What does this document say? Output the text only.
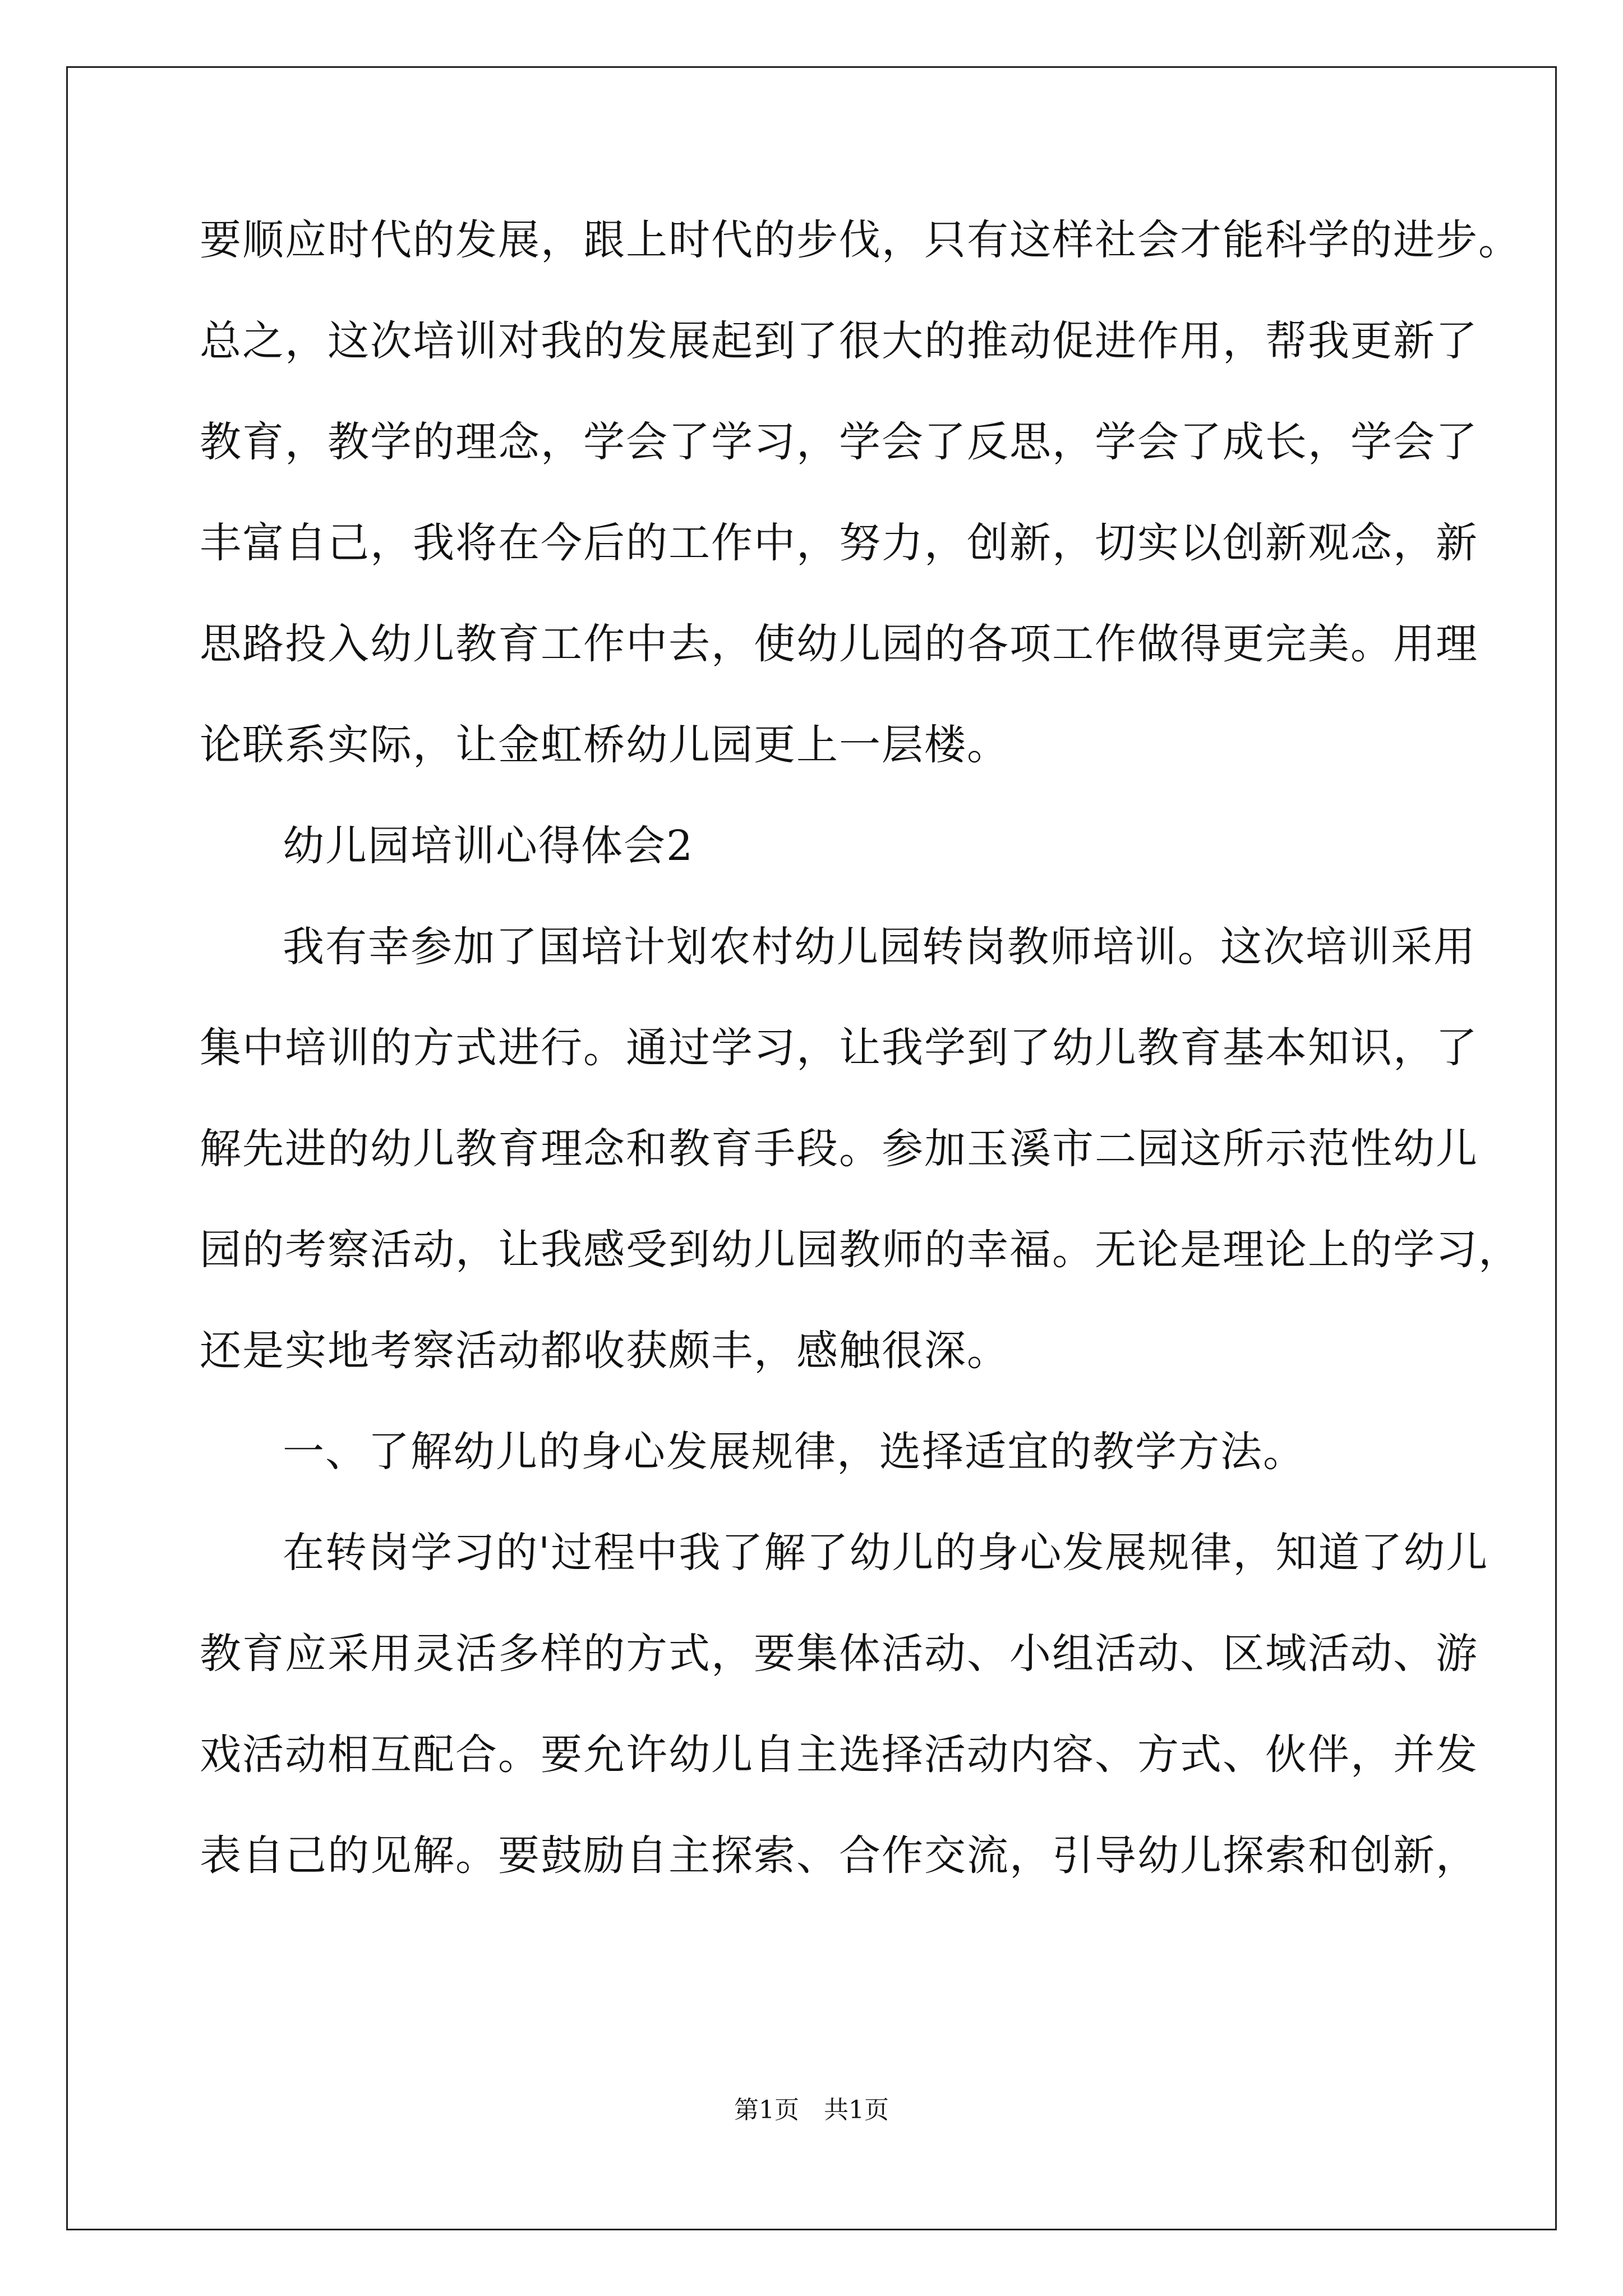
要顺应时代的发展，跟上时代的步伐，只有这样社会才能科学的进步。
总之，这次培训对我的发展起到了很大的推动促进作用，帮我更新了
教育，教学的理念，学会了学习，学会了反思，学会了成长，学会了
丰富自己，我将在今后的工作中，努力，创新，切实以创新观念，新
思路投入幼儿教育工作中去，使幼儿园的各项工作做得更完美。用理
论联系实际，让金虹桥幼儿园更上一层楼。
幼儿园培训心得体会2
我有幸参加了国培计划农村幼儿园转岗教师培训。这次培训采用
集中培训的方式进行。通过学习，让我学到了幼儿教育基本知识，了
解先进的幼儿教育理念和教育手段。参加玉溪市二园这所示范性幼儿
园的考察活动，让我感受到幼儿园教师的幸福。无论是理论上的学习，
还是实地考察活动都收获颇丰，感触很深。
一、了解幼儿的身心发展规律，选择适宜的教学方法。
在转岗学习的'过程中我了解了幼儿的身心发展规律，知道了幼儿
教育应采用灵活多样的方式，要集体活动、小组活动、区域活动、游
戏活动相互配合。要允许幼儿自主选择活动内容、方式、伙伴，并发
表自己的见解。要鼓励自主探索、合作交流，引导幼儿探索和创新，
第1页　共1页
